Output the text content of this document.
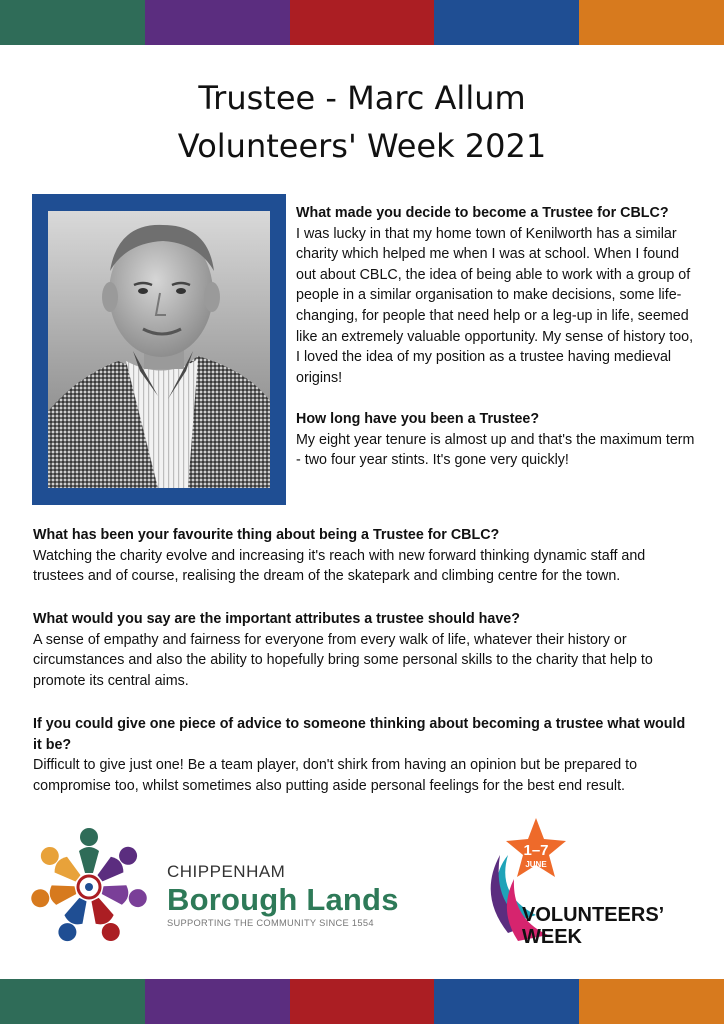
Trustee - Marc Allum
Volunteers' Week 2021
What made you decide to become a Trustee for CBLC?

I was lucky in that my home town of Kenilworth has a similar charity which helped me when I was at school. When I found out about CBLC, the idea of being able to work with a group of people in a similar organisation to make decisions, some life-changing, for people that need help or a leg-up in life, seemed like an extremely valuable opportunity. My sense of history too, I loved the idea of my position as a trustee having medieval origins!

How long have you been a Trustee?

My eight year tenure is almost up and that's the maximum term - two four year stints. It's gone very quickly!

What has been your favourite thing about being a Trustee for CBLC?

Watching the charity evolve and increasing it's reach with new forward thinking dynamic staff and trustees and of course, realising the dream of the skatepark and climbing centre for the town.

What would you say are the important attributes a trustee should have?

A sense of empathy and fairness for everyone from every walk of life, whatever their history or circumstances and also the ability to hopefully bring some personal skills to the charity that help to promote its central aims.

If you could give one piece of advice to someone thinking about becoming a trustee what would it be?

Difficult to give just one! Be a team player, don't shirk from having an opinion but be prepared to compromise too, whilst sometimes also putting aside personal feelings for the best end result.

CHIPPENHAM
Borough Lands
SUPPORTING THE COMMUNITY SINCE 1554
1–7
JUNE
VOLUNTEERS’
WEEK
